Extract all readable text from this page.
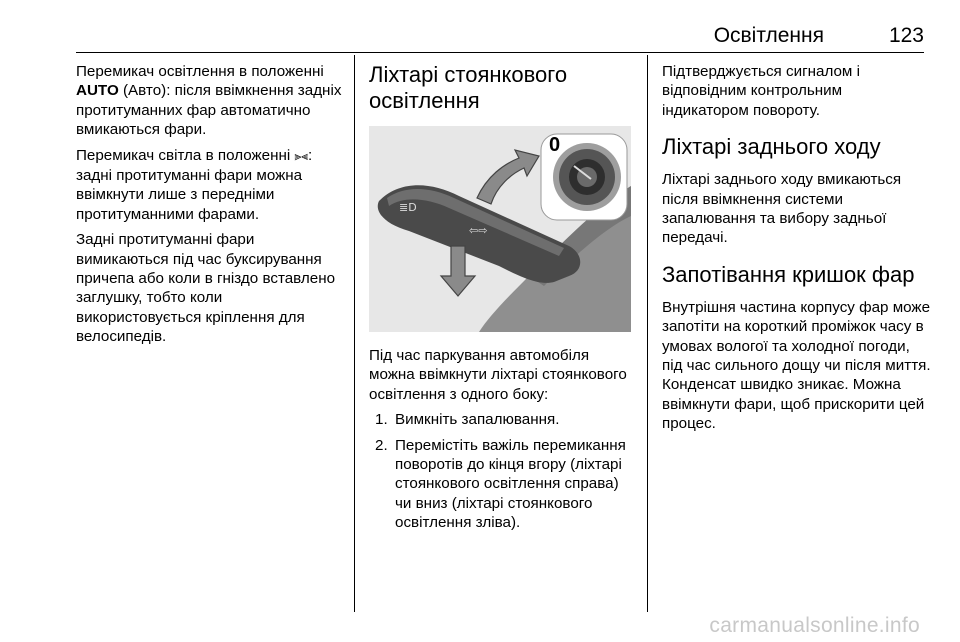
Освітлення	123

Перемикач освітлення в положенні AUTO (Авто): після ввімкнення задніх протитуманних фар автоматично вмикаються фари.

Перемикач світла в положенні ⫸⫷: задні протитуманні фари можна ввімкнути лише з передніми протитуманними фарами.

Задні протитуманні фари вимикаються під час буксирування причепа або коли в гніздо вставлено заглушку, тобто коли використовується кріплення для велосипедів.

Ліхтарі стоянкового освітлення
≣D
⇦⇨
0

Під час паркування автомобіля можна ввімкнути ліхтарі стоянкового освітлення з одного боку:

1. Вимкніть запалювання.
2. Перемістіть важіль перемикання поворотів до кінця вгору (ліхтарі стоянкового освітлення справа) чи вниз (ліхтарі стоянкового освітлення зліва).

Підтверджується сигналом і відповідним контрольним індикатором повороту.

Ліхтарі заднього ходу

Ліхтарі заднього ходу вмикаються після ввімкнення системи запалювання та вибору задньої передачі.

Запотівання кришок фар

Внутрішня частина корпусу фар може запотіти на короткий проміжок часу в умовах вологої та холодної погоди, під час сильного дощу чи після миття. Конденсат швидко зникає. Можна ввімкнути фари, щоб прискорити цей процес.

carmanualsonline.info
